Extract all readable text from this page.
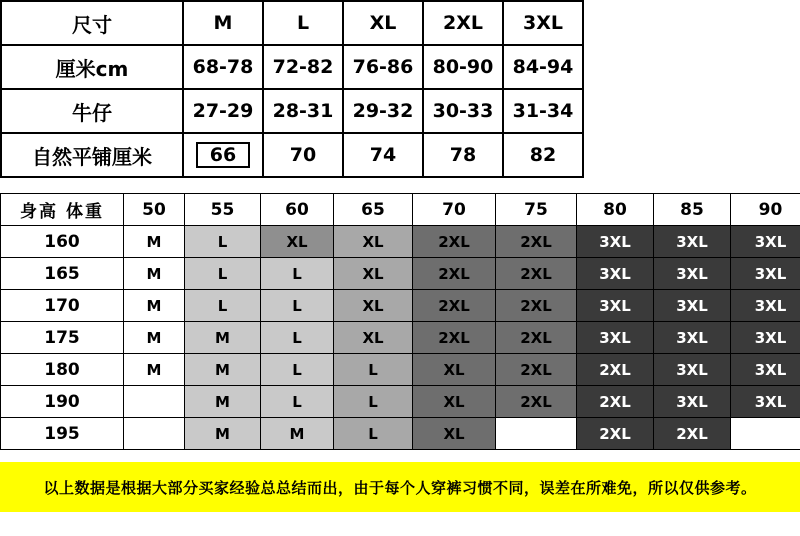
尺寸	M	L	XL	2XL	3XL
厘米cm	68-78	72-82	76-86	80-90	84-94
牛仔	27-29	28-31	29-32	30-33	31-34
自然平铺厘米	66	70	74	78	82
身高 体重	50	55	60	65	70	75	80	85	90
160	M	L	XL	XL	2XL	2XL	3XL	3XL	3XL
165	M	L	L	XL	2XL	2XL	3XL	3XL	3XL
170	M	L	L	XL	2XL	2XL	3XL	3XL	3XL
175	M	M	L	XL	2XL	2XL	3XL	3XL	3XL
180	M	M	L	L	XL	2XL	2XL	3XL	3XL
190		M	L	L	XL	2XL	2XL	3XL	3XL
195		M	M	L	XL		2XL	2XL	
以上数据是根据大部分买家经验总总结而出，由于每个人穿裤习惯不同，误差在所难免，所以仅供参考。
